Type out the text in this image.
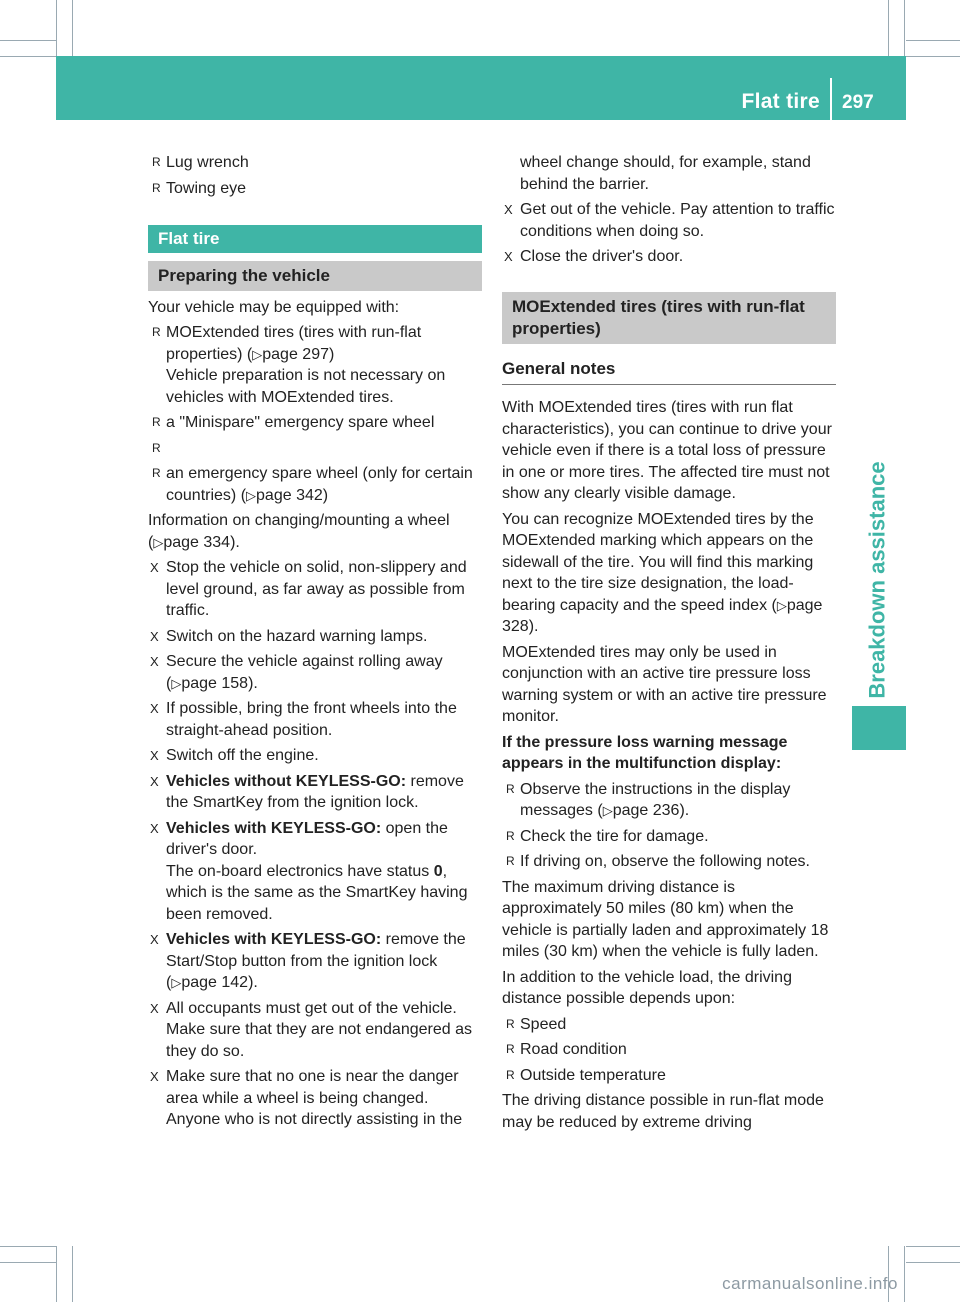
Flat tire 297
Breakdown assistance
R Lug wrench
R Towing eye
Flat tire
Preparing the vehicle

Your vehicle may be equipped with:

R MOExtended tires (tires with run-flat properties) (▷page 297)
Vehicle preparation is not necessary on vehicles with MOExtended tires.
R a "Minispare" emergency spare wheel
R

R an emergency spare wheel (only for certain countries) (▷page 342)

Information on changing/mounting a wheel (▷page 334).

X Stop the vehicle on solid, non-slippery and level ground, as far away as possible from traffic.
X Switch on the hazard warning lamps.
X Secure the vehicle against rolling away (▷page 158).
X If possible, bring the front wheels into the straight-ahead position.
X Switch off the engine.
X Vehicles without KEYLESS-GO: remove the SmartKey from the ignition lock.
X Vehicles with KEYLESS-GO: open the driver's door.
The on-board electronics have status 0, which is the same as the SmartKey having been removed.
X Vehicles with KEYLESS-GO: remove the Start/Stop button from the ignition lock (▷page 142).
X All occupants must get out of the vehicle. Make sure that they are not endangered as they do so.
X Make sure that no one is near the danger area while a wheel is being changed. Anyone who is not directly assisting in the

wheel change should, for example, stand behind the barrier.

X Get out of the vehicle. Pay attention to traffic conditions when doing so.
X Close the driver's door.
MOExtended tires (tires with run-flat properties)
General notes

With MOExtended tires (tires with run flat characteristics), you can continue to drive your vehicle even if there is a total loss of pressure in one or more tires. The affected tire must not show any clearly visible damage.

You can recognize MOExtended tires by the MOExtended marking which appears on the sidewall of the tire. You will find this marking next to the tire size designation, the load-bearing capacity and the speed index (▷page 328).

MOExtended tires may only be used in conjunction with an active tire pressure loss warning system or with an active tire pressure monitor.

If the pressure loss warning message appears in the multifunction display:

R Observe the instructions in the display messages (▷page 236).
R Check the tire for damage.
R If driving on, observe the following notes.

The maximum driving distance is approximately 50 miles (80 km) when the vehicle is partially laden and approximately 18 miles (30 km) when the vehicle is fully laden.

In addition to the vehicle load, the driving distance possible depends upon:

R Speed
R Road condition
R Outside temperature

The driving distance possible in run-flat mode may be reduced by extreme driving

carmanualsonline.info
